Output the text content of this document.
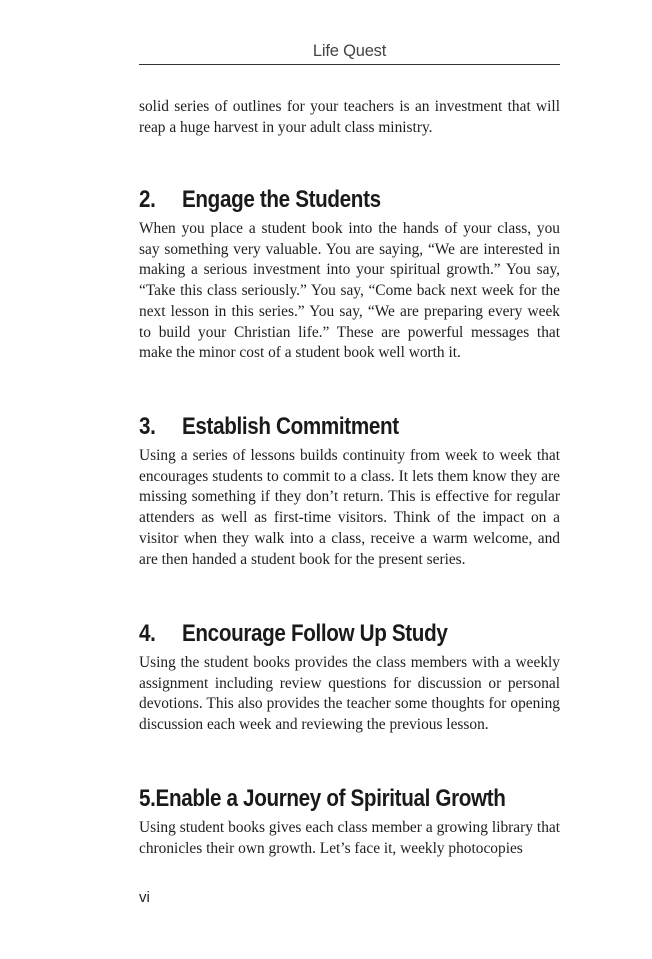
Life Quest

solid series of outlines for your teachers is an investment that will reap a huge harvest in your adult class ministry.

2.	Engage the Students

When you place a student book into the hands of your class, you say something very valuable. You are saying, “We are interested in making a serious investment into your spiritual growth.” You say, “Take this class seriously.” You say, “Come back next week for the next lesson in this series.” You say, “We are preparing every week to build your Christian life.” These are powerful messages that make the minor cost of a student book well worth it.

3.	Establish Commitment

Using a series of lessons builds continuity from week to week that encourages students to commit to a class. It lets them know they are missing something if they don’t return. This is effective for regular attenders as well as first-time visitors. Think of the impact on a visitor when they walk into a class, receive a warm welcome, and are then handed a student book for the present series.

4.	Encourage Follow Up Study

Using the student books provides the class members with a weekly assignment including review questions for discussion or personal devotions. This also provides the teacher some thoughts for opening discussion each week and reviewing the previous lesson.

5. Enable a Journey of Spiritual Growth

Using student books gives each class member a growing library that chronicles their own growth. Let’s face it, weekly photocopies

vi
